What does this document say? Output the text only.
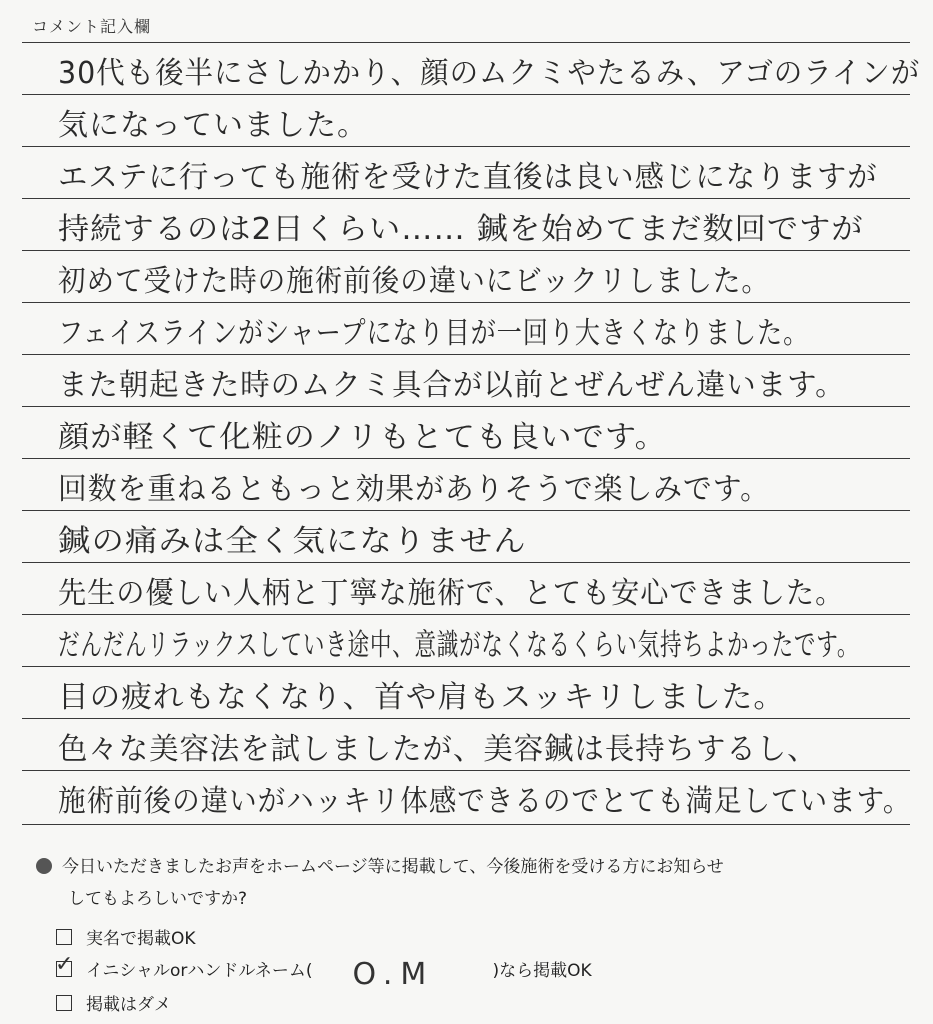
コメント記入欄
30代も後半にさしかかり、顔のムクミやたるみ、アゴのラインが
気になっていました。
エステに行っても施術を受けた直後は良い感じになりますが
持続するのは2日くらい…… 鍼を始めてまだ数回ですが
初めて受けた時の施術前後の違いにビックリしました。
フェイスラインがシャープになり目が一回り大きくなりました。
また朝起きた時のムクミ具合が以前とぜんぜん違います。
顔が軽くて化粧のノリもとても良いです。
回数を重ねるともっと効果がありそうで楽しみです。
鍼の痛みは全く気になりません
先生の優しい人柄と丁寧な施術で、とても安心できました。
だんだんリラックスしていき途中、意識がなくなるくらい気持ちよかったです。
目の疲れもなくなり、首や肩もスッキリしました。
色々な美容法を試しましたが、美容鍼は長持ちするし、
施術前後の違いがハッキリ体感できるのでとても満足しています。
今日いただきましたお声をホームページ等に掲載して、今後施術を受ける方にお知らせ
してもよろしいですか?
実名で掲載OK
✓ イニシャルorハンドルネーム( O.M	)なら掲載OK
掲載はダメ
